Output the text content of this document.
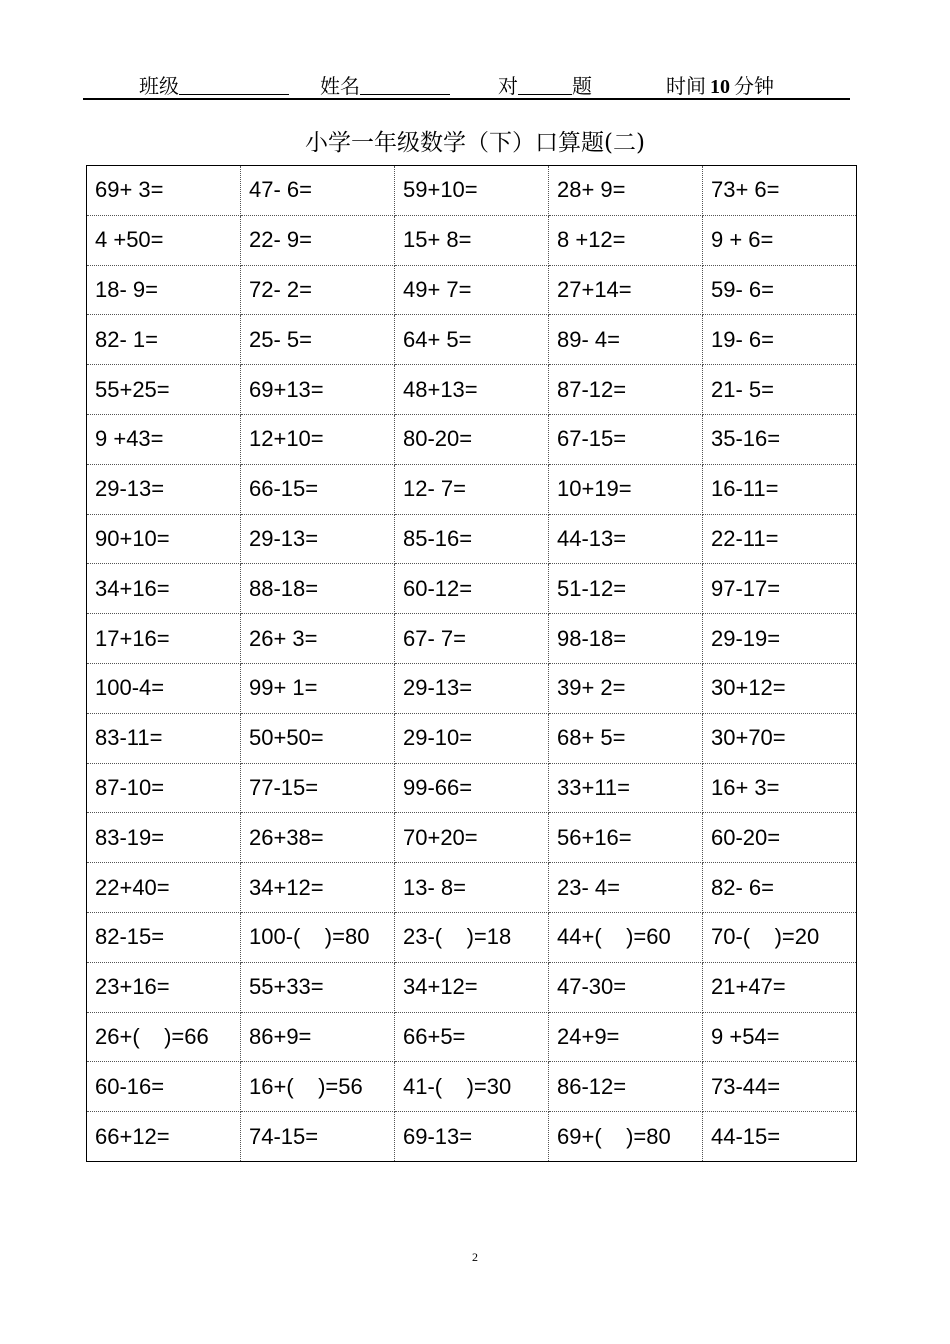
班级	姓名	对	题	时间 10 分钟
小学一年级数学（下）口算题(二)
69+ 3=	47- 6=	59+10=	28+ 9=	73+ 6=
4 +50=	22- 9=	15+ 8=	8 +12=	9 + 6=
18- 9=	72- 2=	49+ 7=	27+14=	59- 6=
82- 1=	25- 5=	64+ 5=	89- 4=	19- 6=
55+25=	69+13=	48+13=	87-12=	21- 5=
9 +43=	12+10=	80-20=	67-15=	35-16=
29-13=	66-15=	12- 7=	10+19=	16-11=
90+10=	29-13=	85-16=	44-13=	22-11=
34+16=	88-18=	60-12=	51-12=	97-17=
17+16=	26+ 3=	67- 7=	98-18=	29-19=
100-4=	99+ 1=	29-13=	39+ 2=	30+12=
83-11=	50+50=	29-10=	68+ 5=	30+70=
87-10=	77-15=	99-66=	33+11=	16+ 3=
83-19=	26+38=	70+20=	56+16=	60-20=
22+40=	34+12=	13- 8=	23- 4=	82- 6=
82-15=	100-(    )=80	23-(    )=18	44+(    )=60	70-(    )=20
23+16=	55+33=	34+12=	47-30=	21+47=
26+(    )=66	86+9=	66+5=	24+9=	9 +54=
60-16=	16+(    )=56	41-(    )=30	86-12=	73-44=
66+12=	74-15=	69-13=	69+(    )=80	44-15=
2
